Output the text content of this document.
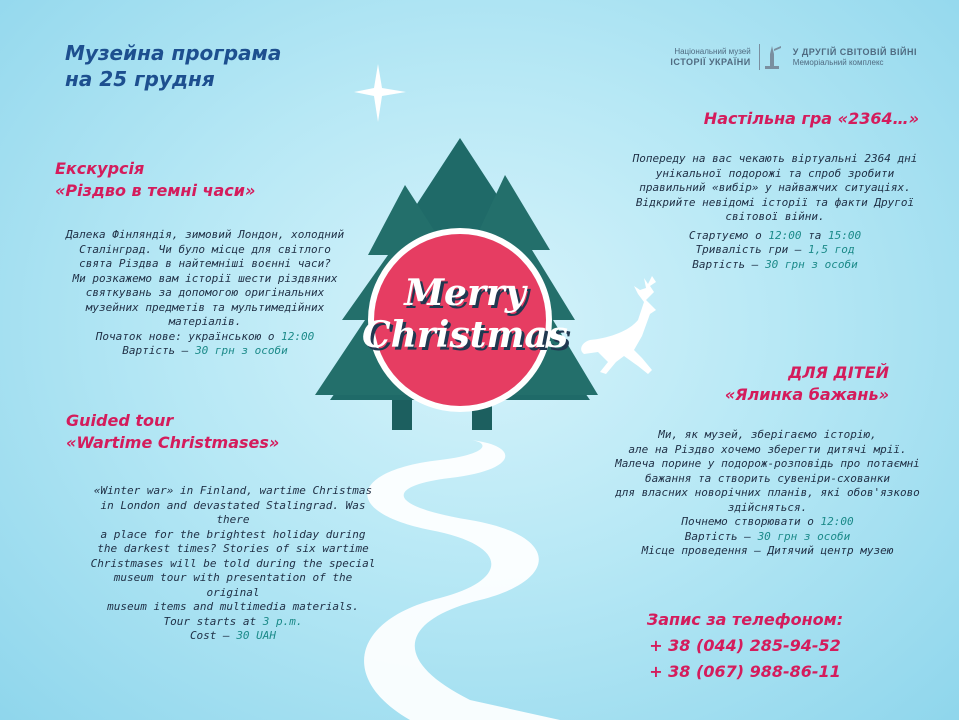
Merry
Christmas
Музейна програма
на 25 грудня
Національний музей
ІСТОРІЇ УКРАЇНИ
У ДРУГІЙ СВІТОВІЙ ВІЙНІ
Меморіальний комплекс
Екскурсія
«Різдво в темні часи»
Далека Фінляндія, зимовий Лондон, холодний
Сталінград. Чи було місце для світлого
свята Різдва в найтемніші воєнні часи?
Ми розкажемо вам історії шести різдвяних
святкувань за допомогою оригінальних
музейних предметів та мультимедійних
матеріалів.
Початок нове: українською о 12:00
Вартість – 30 грн з особи
Guided tour
«Wartime Christmases»
«Winter war» in Finland, wartime Christmas
in London and devastated Stalingrad. Was there
a place for the brightest holiday during
the darkest times? Stories of six wartime
Christmases will be told during the special
museum tour with presentation of the original
museum items and multimedia materials.
Tour starts at 3 p.m.
Cost – 30 UAH
Настільна гра «2364…»
Попереду на вас чекають віртуальні 2364 дні
унікальної подорожі та спроб зробити
правильний «вибір» у найважчих ситуаціях.
Відкрийте невідомі історії та факти Другої
світової війни.
Стартуємо о 12:00 та 15:00
Тривалість гри – 1,5 год
Вартість – 30 грн з особи
ДЛЯ ДІТЕЙ
«Ялинка бажань»
Ми, як музей, зберігаємо історію,
але на Різдво хочемо зберегти дитячі мрії.
Малеча порине у подорож-розповідь про потаємні
бажання та створить сувеніри-схованки
для власних новорічних планів, які обов'язково
здійсняться.
Почнемо створювати о 12:00
Вартість – 30 грн з особи
Місце проведення – Дитячий центр музею
Запис за телефоном:
+ 38 (044) 285-94-52
+ 38 (067) 988-86-11
